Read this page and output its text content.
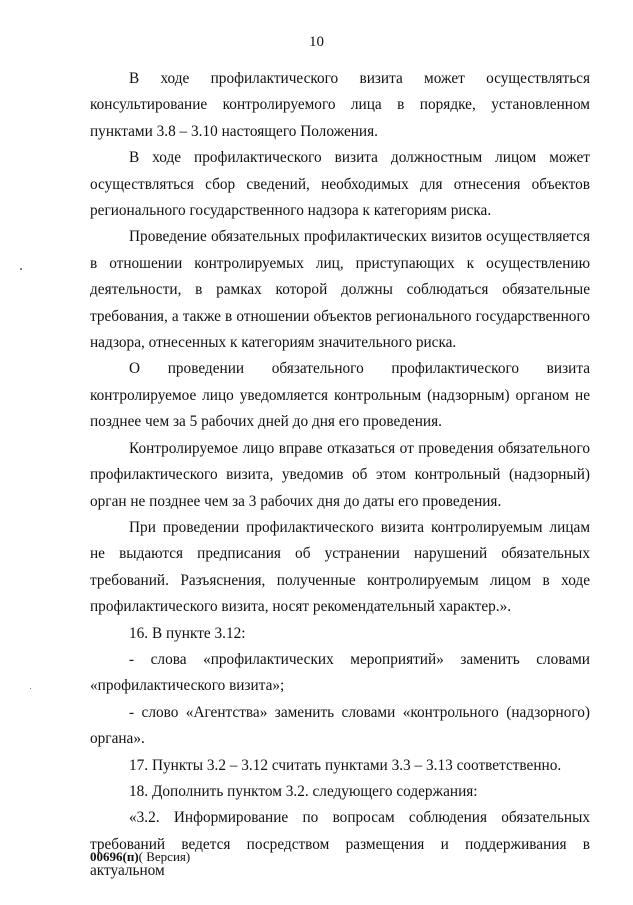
10

В ходе профилактического визита может осуществляться консультирование контролируемого лица в порядке, установленном пунктами 3.8 – 3.10 настоящего Положения.

В ходе профилактического визита должностным лицом может осуществляться сбор сведений, необходимых для отнесения объектов регионального государственного надзора к категориям риска.

Проведение обязательных профилактических визитов осуществляется в отношении контролируемых лиц, приступающих к осуществлению деятельности, в рамках которой должны соблюдаться обязательные требования, а также в отношении объектов регионального государственного надзора, отнесенных к категориям значительного риска.

О проведении обязательного профилактического визита контролируемое лицо уведомляется контрольным (надзорным) органом не позднее чем за 5 рабочих дней до дня его проведения.

Контролируемое лицо вправе отказаться от проведения обязательного профилактического визита, уведомив об этом контрольный (надзорный) орган не позднее чем за 3 рабочих дня до даты его проведения.

При проведении профилактического визита контролируемым лицам не выдаются предписания об устранении нарушений обязательных требований. Разъяснения, полученные контролируемым лицом в ходе профилактического визита, носят рекомендательный характер.».

16. В пункте 3.12:

- слова «профилактических мероприятий» заменить словами «профилактического визита»;

- слово «Агентства» заменить словами «контрольного (надзорного) органа».

17. Пункты 3.2 – 3.12 считать пунктами 3.3 – 3.13 соответственно.

18. Дополнить пунктом 3.2. следующего содержания:

«3.2. Информирование по вопросам соблюдения обязательных требований ведется посредством размещения и поддерживания в актуальном

00696(п)( Версия)
